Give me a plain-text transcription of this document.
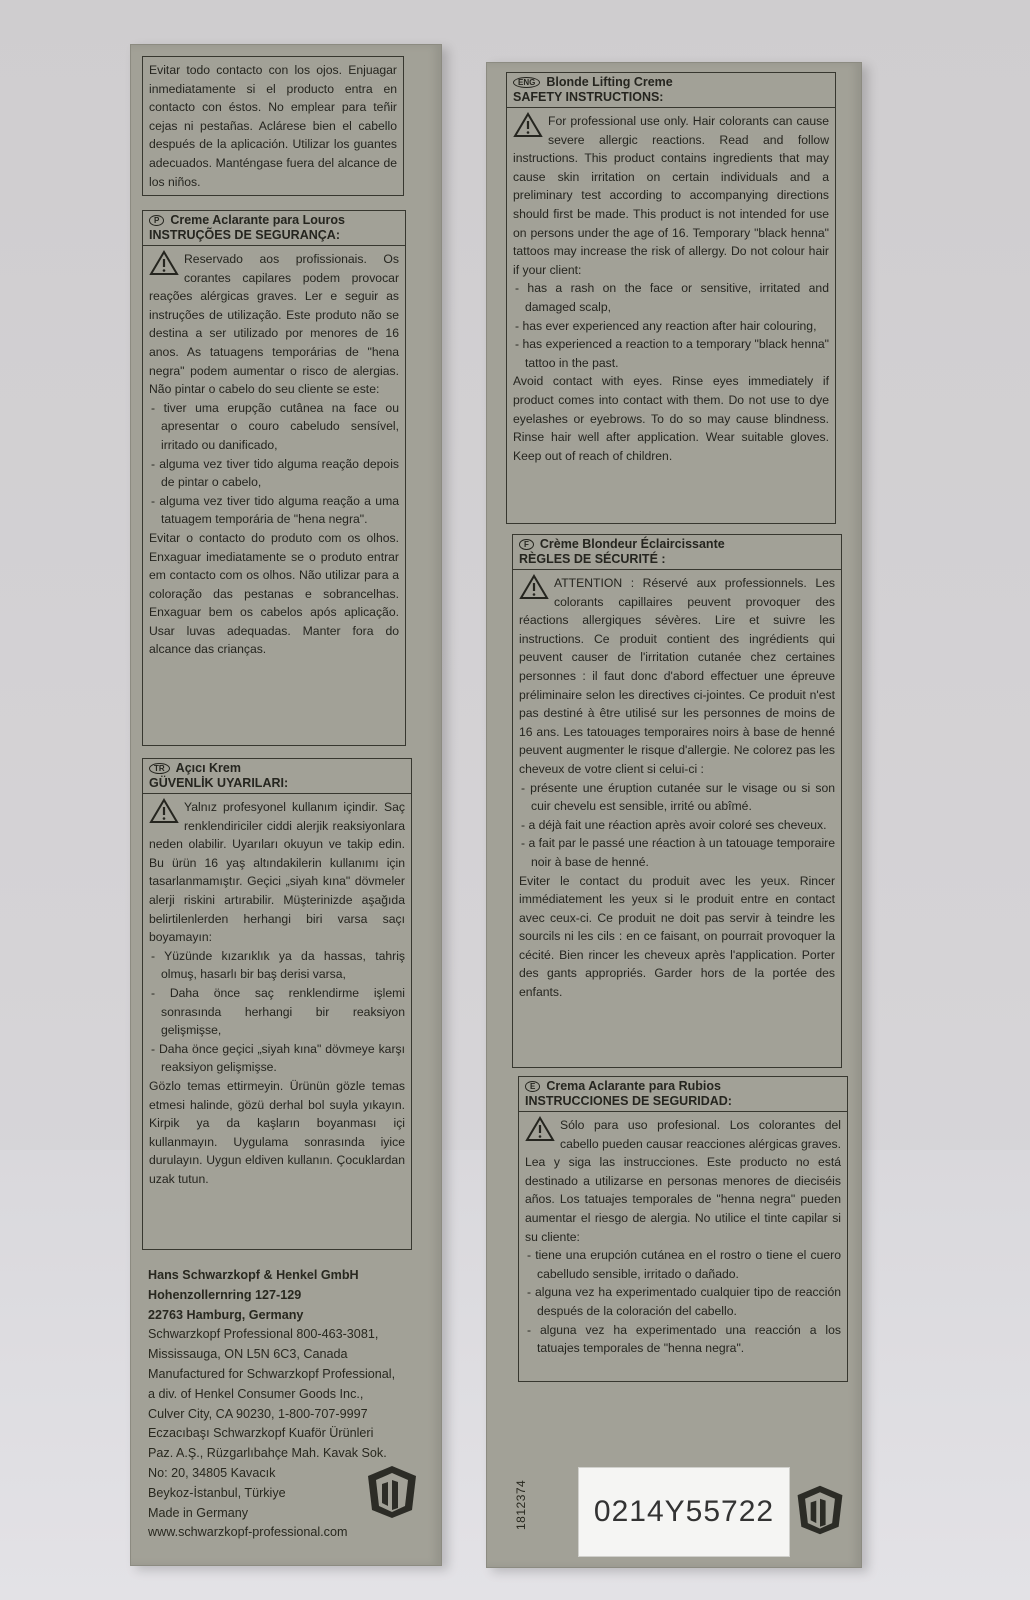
Evitar todo contacto con los ojos. Enjuagar inmediatamente si el producto entra en contacto con éstos. No emplear para teñir cejas ni pestañas. Aclárese bien el cabello después de la aplicación. Utilizar los guantes adecuados. Manténgase fuera del alcance de los niños.
P Creme Aclarante para Louros
INSTRUÇÕES DE SEGURANÇA:
Reservado aos profissionais. Os corantes capilares podem provocar reações alérgicas graves. Ler e seguir as instruções de utilização. Este produto não se destina a ser utilizado por menores de 16 anos. As tatuagens temporárias de "hena negra" podem aumentar o risco de alergias. Não pintar o cabelo do seu cliente se este:
- tiver uma erupção cutânea na face ou apresentar o couro cabeludo sensível, irritado ou danificado,
- alguma vez tiver tido alguma reação depois de pintar o cabelo,
- alguma vez tiver tido alguma reação a uma tatuagem temporária de "hena negra".
Evitar o contacto do produto com os olhos. Enxaguar imediatamente se o produto entrar em contacto com os olhos. Não utilizar para a coloração das pestanas e sobrancelhas. Enxaguar bem os cabelos após aplicação. Usar luvas adequadas. Manter fora do alcance das crianças.
TR Açıcı Krem
GÜVENLİK UYARILARI:
Yalnız profesyonel kullanım içindir. Saç renklendiriciler ciddi alerjik reaksiyonlara neden olabilir. Uyarıları okuyun ve takip edin. Bu ürün 16 yaş altındakilerin kullanımı için tasarlanmamıştır. Geçici „siyah kına" dövmeler alerji riskini artırabilir. Müşterinizde aşağıda belirtilenlerden herhangi biri varsa saçı boyamayın:
- Yüzünde kızarıklık ya da hassas, tahriş olmuş, hasarlı bir baş derisi varsa,
- Daha önce saç renklendirme işlemi sonrasında herhangi bir reaksiyon gelişmişse,
- Daha önce geçici „siyah kına" dövmeye karşı reaksiyon gelişmişse.
Gözlo temas ettirmeyin. Ürünün gözle temas etmesi halinde, gözü derhal bol suyla yıkayın. Kirpik ya da kaşların boyanması içi kullanmayın. Uygulama sonrasında iyice durulayın. Uygun eldiven kullanın. Çocuklardan uzak tutun.
Hans Schwarzkopf & Henkel GmbH
Hohenzollernring 127-129
22763 Hamburg, Germany
Schwarzkopf Professional 800-463-3081,
Mississauga, ON L5N 6C3, Canada
Manufactured for Schwarzkopf Professional,
a div. of Henkel Consumer Goods Inc.,
Culver City, CA 90230, 1-800-707-9997
Eczacıbaşı Schwarzkopf Kuaför Ürünleri
Paz. A.Ş., Rüzgarlıbahçe Mah. Kavak Sok.
No: 20, 34805 Kavacık
Beykoz-İstanbul, Türkiye
Made in Germany
www.schwarzkopf-professional.com
ENG Blonde Lifting Creme
SAFETY INSTRUCTIONS:
For professional use only. Hair colorants can cause severe allergic reactions. Read and follow instructions. This product contains ingredients that may cause skin irritation on certain individuals and a preliminary test according to accompanying directions should first be made. This product is not intended for use on persons under the age of 16. Temporary "black henna" tattoos may increase the risk of allergy. Do not colour hair if your client:
- has a rash on the face or sensitive, irritated and damaged scalp,
- has ever experienced any reaction after hair colouring,
- has experienced a reaction to a temporary "black henna" tattoo in the past.
Avoid contact with eyes. Rinse eyes immediately if product comes into contact with them. Do not use to dye eyelashes or eyebrows. To do so may cause blindness. Rinse hair well after application. Wear suitable gloves. Keep out of reach of children.
F Crème Blondeur Éclaircissante
RÈGLES DE SÉCURITÉ :
ATTENTION : Réservé aux professionnels. Les colorants capillaires peuvent provoquer des réactions allergiques sévères. Lire et suivre les instructions. Ce produit contient des ingrédients qui peuvent causer de l'irritation cutanée chez certaines personnes : il faut donc d'abord effectuer une épreuve préliminaire selon les directives ci-jointes. Ce produit n'est pas destiné à être utilisé sur les personnes de moins de 16 ans. Les tatouages temporaires noirs à base de henné peuvent augmenter le risque d'allergie. Ne colorez pas les cheveux de votre client si celui-ci :
- présente une éruption cutanée sur le visage ou si son cuir chevelu est sensible, irrité ou abîmé.
- a déjà fait une réaction après avoir coloré ses cheveux.
- a fait par le passé une réaction à un tatouage temporaire noir à base de henné.
Eviter le contact du produit avec les yeux. Rincer immédiatement les yeux si le produit entre en contact avec ceux-ci. Ce produit ne doit pas servir à teindre les sourcils ni les cils : en ce faisant, on pourrait provoquer la cécité. Bien rincer les cheveux après l'application. Porter des gants appropriés. Garder hors de la portée des enfants.
E Crema Aclarante para Rubios
INSTRUCCIONES DE SEGURIDAD:
Sólo para uso profesional. Los colorantes del cabello pueden causar reacciones alérgicas graves. Lea y siga las instrucciones. Este producto no está destinado a utilizarse en personas menores de dieciséis años. Los tatuajes temporales de "henna negra" pueden aumentar el riesgo de alergia. No utilice el tinte capilar si su cliente:
- tiene una erupción cutánea en el rostro o tiene el cuero cabelludo sensible, irritado o dañado.
- alguna vez ha experimentado cualquier tipo de reacción después de la coloración del cabello.
- alguna vez ha experimentado una reacción a los tatuajes temporales de "henna negra".
1812374	0214Y55722
